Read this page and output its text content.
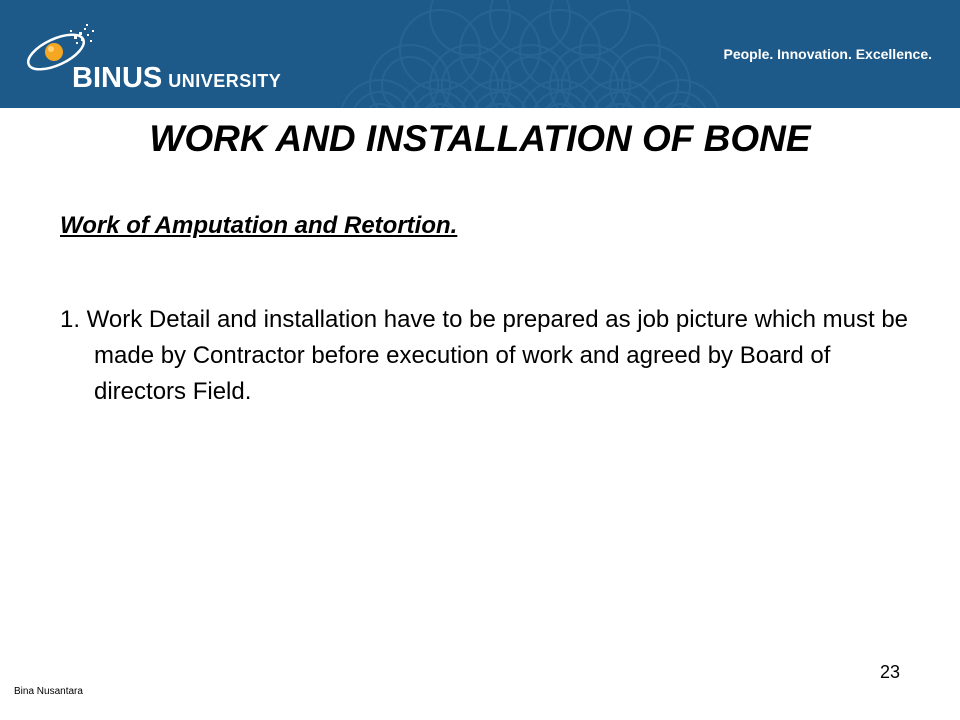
BINUS UNIVERSITY
People. Innovation. Excellence.
WORK AND INSTALLATION OF BONE
Work of Amputation and Retortion.
1. Work Detail and installation have to be prepared as job picture which must be made by Contractor before execution of work and agreed by Board of directors Field.
Bina Nusantara
23
